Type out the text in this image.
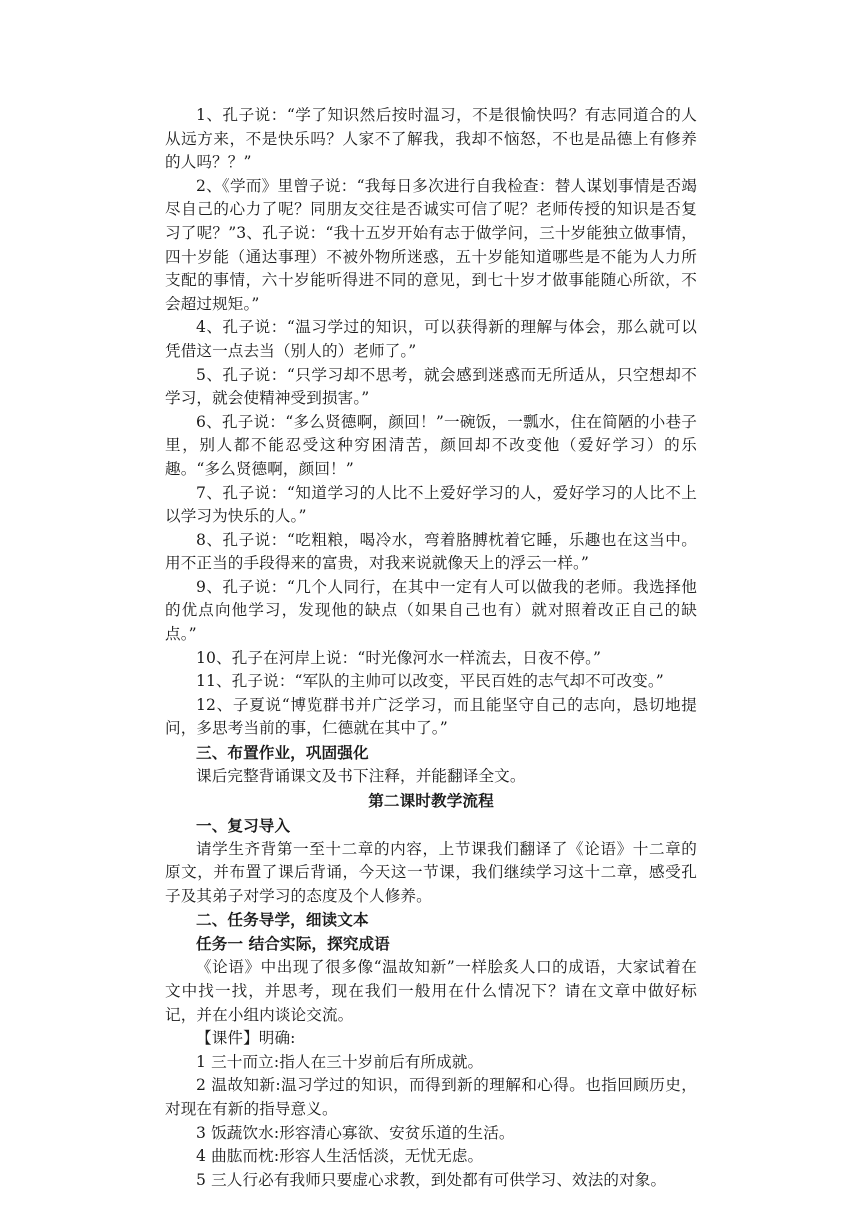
1、孔子说：“学了知识然后按时温习，不是很愉快吗？有志同道合的人从远方来，不是快乐吗？人家不了解我，我却不恼怒，不也是品德上有修养的人吗？？”

2、《学而》里曾子说：“我每日多次进行自我检查：替人谋划事情是否竭尽自己的心力了呢？同朋友交往是否诚实可信了呢？老师传授的知识是否复习了呢？”3、孔子说：“我十五岁开始有志于做学问，三十岁能独立做事情，四十岁能（通达事理）不被外物所迷惑，五十岁能知道哪些是不能为人力所支配的事情，六十岁能听得进不同的意见，到七十岁才做事能随心所欲，不会超过规矩。”

4、孔子说：“温习学过的知识，可以获得新的理解与体会，那么就可以凭借这一点去当（别人的）老师了。”

5、孔子说：“只学习却不思考，就会感到迷惑而无所适从，只空想却不学习，就会使精神受到损害。”

6、孔子说：“多么贤德啊，颜回！”一碗饭，一瓢水，住在简陋的小巷子里，别人都不能忍受这种穷困清苦，颜回却不改变他（爱好学习）的乐趣。“多么贤德啊，颜回！”

7、孔子说：“知道学习的人比不上爱好学习的人，爱好学习的人比不上以学习为快乐的人。”

8、孔子说：“吃粗粮，喝冷水，弯着胳膊枕着它睡，乐趣也在这当中。用不正当的手段得来的富贵，对我来说就像天上的浮云一样。”

9、孔子说：“几个人同行，在其中一定有人可以做我的老师。我选择他的优点向他学习，发现他的缺点（如果自己也有）就对照着改正自己的缺点。”

10、孔子在河岸上说：“时光像河水一样流去，日夜不停。”

11、孔子说：“军队的主帅可以改变，平民百姓的志气却不可改变。”

12、子夏说“博览群书并广泛学习，而且能坚守自己的志向，恳切地提问，多思考当前的事，仁德就在其中了。”

三、布置作业，巩固强化

课后完整背诵课文及书下注释，并能翻译全文。

第二课时教学流程

一、复习导入

请学生齐背第一至十二章的内容，上节课我们翻译了《论语》十二章的原文，并布置了课后背诵，今天这一节课，我们继续学习这十二章，感受孔子及其弟子对学习的态度及个人修养。

二、任务导学，细读文本

任务一 结合实际，探究成语

《论语》中出现了很多像“温故知新”一样脍炙人口的成语，大家试着在文中找一找，并思考，现在我们一般用在什么情况下？请在文章中做好标记，并在小组内谈论交流。

【课件】明确:

1 三十而立:指人在三十岁前后有所成就。

2 温故知新:温习学过的知识，而得到新的理解和心得。也指回顾历史，对现在有新的指导意义。

3 饭蔬饮水:形容清心寡欲、安贫乐道的生活。

4 曲肱而枕:形容人生活恬淡，无忧无虑。

5 三人行必有我师只要虚心求教，到处都有可供学习、效法的对象。
